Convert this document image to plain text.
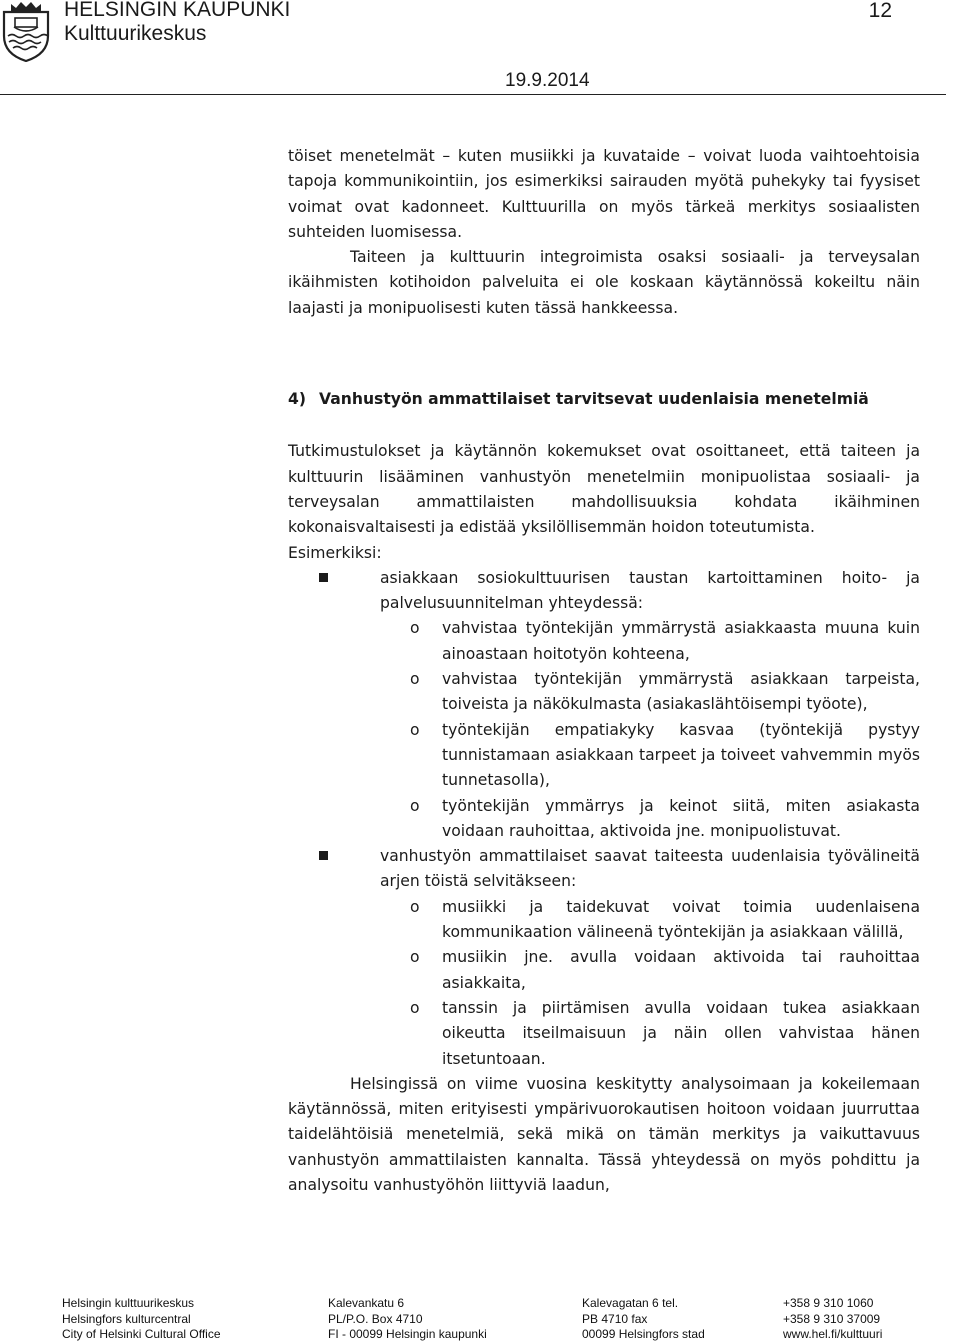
HELSINGIN KAUPUNKI
Kulttuurikeskus
12
19.9.2014

töiset menetelmät – kuten musiikki ja kuvataide – voivat luoda vaihtoehtoisia tapoja kommunikointiin, jos esimerkiksi sairauden myötä puhekyky tai fyysiset voimat ovat kadonneet. Kulttuurilla on myös tärkeä merkitys sosiaalisten suhteiden luomisessa.

Taiteen ja kulttuurin integroimista osaksi sosiaali- ja terveysalan ikäihmisten kotihoidon palveluita ei ole koskaan käytännössä kokeiltu näin laajasti ja monipuolisesti kuten tässä hankkeessa.

4) Vanhustyön ammattilaiset tarvitsevat uudenlaisia menetelmiä

Tutkimustulokset ja käytännön kokemukset ovat osoittaneet, että taiteen ja kulttuurin lisääminen vanhustyön menetelmiin monipuolistaa sosiaali- ja terveysalan ammattilaisten mahdollisuuksia kohdata ikäihminen kokonaisvaltaisesti ja edistää yksilöllisemmän hoidon toteutumista.

Esimerkiksi:

asiakkaan sosiokulttuurisen taustan kartoittaminen hoito- ja palvelusuunnitelman yhteydessä:
o vahvistaa työntekijän ymmärrystä asiakkaasta muuna kuin ainoastaan hoitotyön kohteena,
o vahvistaa työntekijän ymmärrystä asiakkaan tarpeista, toiveista ja näkökulmasta (asiakaslähtöisempi työote),
o työntekijän empatiakyky kasvaa (työntekijä pystyy tunnistamaan asiakkaan tarpeet ja toiveet vahvemmin myös tunnetasolla),
o työntekijän ymmärrys ja keinot siitä, miten asiakasta voidaan rauhoittaa, aktivoida jne. monipuolistuvat.
vanhustyön ammattilaiset saavat taiteesta uudenlaisia työvälineitä arjen töistä selvitäkseen:
o musiikki ja taidekuvat voivat toimia uudenlaisena kommunikaation välineenä työntekijän ja asiakkaan välillä,
o musiikin jne. avulla voidaan aktivoida tai rauhoittaa asiakkaita,
o tanssin ja piirtämisen avulla voidaan tukea asiakkaan oikeutta itseilmaisuun ja näin ollen vahvistaa hänen itsetuntoaan.

Helsingissä on viime vuosina keskitytty analysoimaan ja kokeilemaan käytännössä, miten erityisesti ympärivuorokautisen hoitoon voidaan juurruttaa taidelähtöisiä menetelmiä, sekä mikä on tämän merkitys ja vaikuttavuus vanhustyön ammattilaisten kannalta. Tässä yhteydessä on myös pohdittu ja analysoitu vanhustyöhön liittyviä laadun,

Helsingin kulttuurikeskus
Helsingfors kulturcentral
City of Helsinki Cultural Office
Kalevankatu 6
PL/P.O. Box 4710
FI - 00099 Helsingin kaupunki
Kalevagatan 6 tel.
PB 4710 fax
00099 Helsingfors stad
+358 9 310 1060
+358 9 310 37009
www.hel.fi/kulttuuri
